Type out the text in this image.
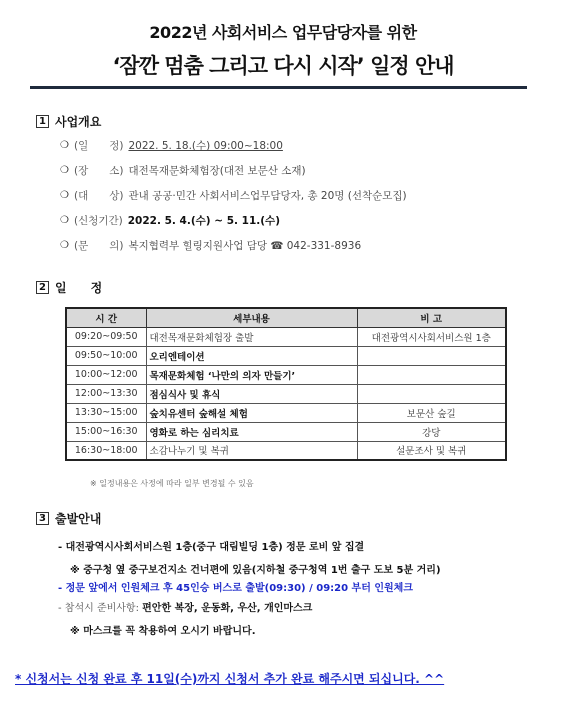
2022년 사회서비스 업무담당자를 위한
‘잠깐 멈춤 그리고 다시 시작’ 일정 안내
1 사업개요
❍ (일　　정) 2022. 5. 18.(수) 09:00~18:00
❍ (장　　소) 대전목재문화체험장(대전 보문산 소재)
❍ (대　　상) 관내 공공·민간 사회서비스업무담당자, 총 20명 (선착순모집)
❍ (신청기간) 2022. 5. 4.(수) ~ 5. 11.(수)
❍ (문　　의) 복지협력부 힐링지원사업 담당 ☎ 042-331-8936
2 일　　정
시 간	세부내용	비 고
09:20~09:50	대전목재문화체험장 출발	대전광역시사회서비스원 1층
09:50~10:00	오리엔테이션	
10:00~12:00	목재문화체험 ‘나만의 의자 만들기’	
12:00~13:30	점심식사 및 휴식	
13:30~15:00	숲치유센터 숲해설 체험	보문산 숲길
15:00~16:30	영화로 하는 심리치료	강당
16:30~18:00	소감나누기 및 복귀	설문조사 및 복귀
※ 일정내용은 사정에 따라 일부 변경될 수 있음
3 출발안내
- 대전광역시사회서비스원 1층(중구 대림빌딩 1층) 정문 로비 앞 집결
※ 중구청 옆 중구보건지소 건너편에 있음(지하철 중구청역 1번 출구 도보 5분 거리)
- 정문 앞에서 인원체크 후 45인승 버스로 출발(09:30) / 09:20 부터 인원체크
- 참석시 준비사항: 편안한 복장, 운동화, 우산, 개인마스크
※ 마스크를 꼭 착용하여 오시기 바랍니다.
* 신청서는 신청 완료 후 11일(수)까지 신청서 추가 완료 해주시면 되십니다. ^^
